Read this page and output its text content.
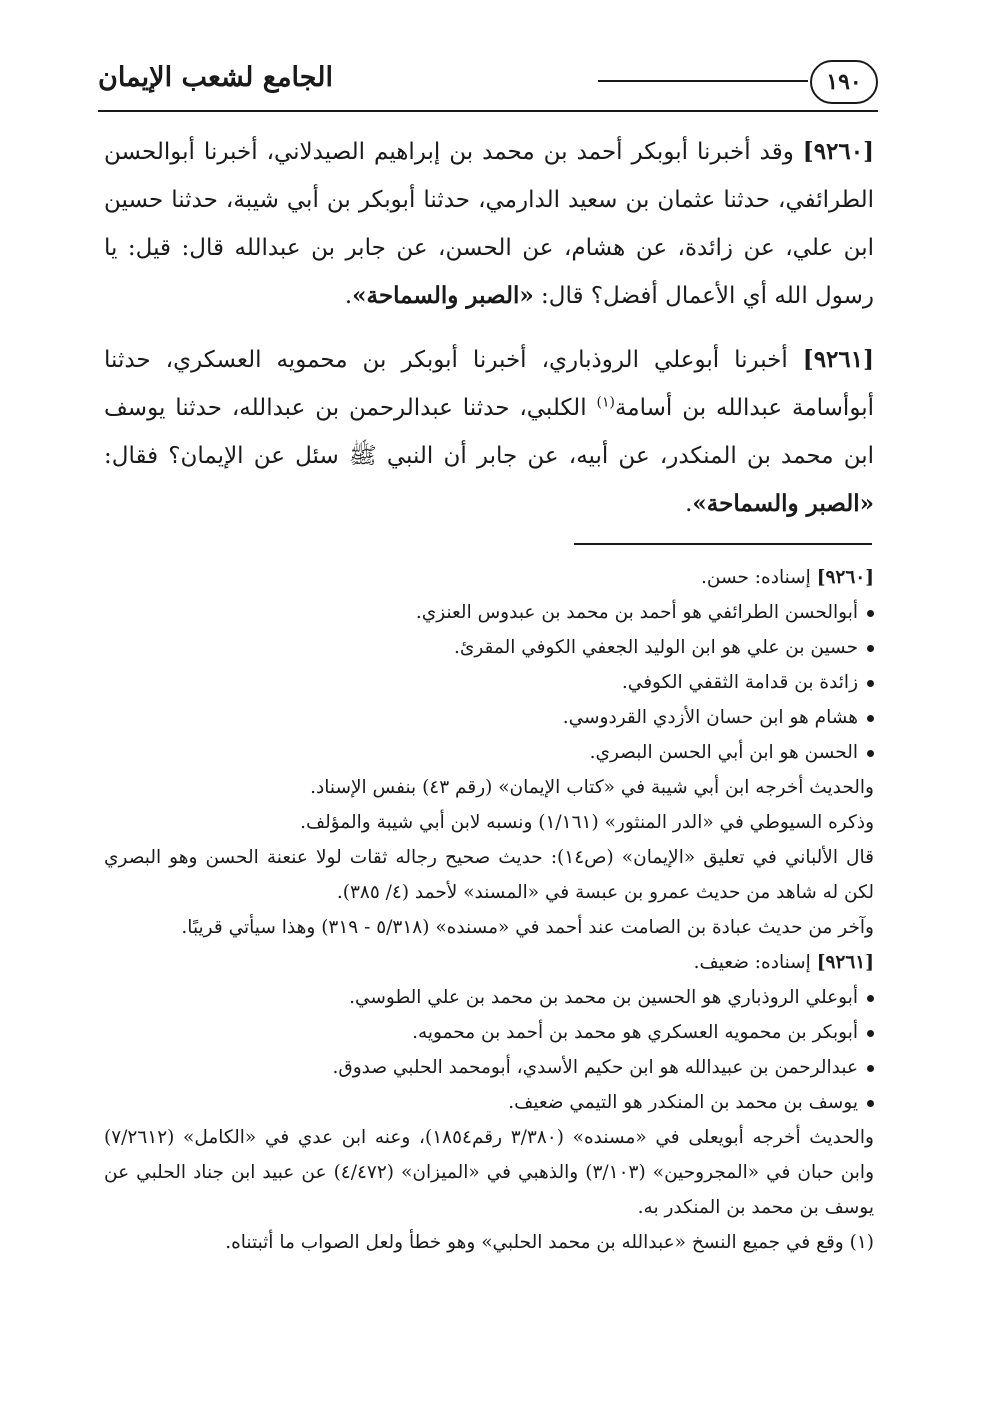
١٩٠
الجامع لشعب الإيمان

[٩٢٦٠] وقد أخبرنا أبوبكر أحمد بن محمد بن إبراهيم الصيدلاني، أخبرنا أبوالحسن الطرائفي، حدثنا عثمان بن سعيد الدارمي، حدثنا أبوبكر بن أبي شيبة، حدثنا حسين ابن علي، عن زائدة، عن هشام، عن الحسن، عن جابر بن عبدالله قال: قيل: يا رسول الله أي الأعمال أفضل؟ قال: «الصبر والسماحة».

[٩٢٦١] أخبرنا أبوعلي الروذباري، أخبرنا أبوبكر بن محمويه العسكري، حدثنا أبوأسامة عبدالله بن أسامة$^{(١)}$ الكلبي، حدثنا عبدالرحمن بن عبدالله، حدثنا يوسف ابن محمد بن المنكدر، عن أبيه، عن جابر أن النبي ﷺ سئل عن الإيمان؟ فقال: «الصبر والسماحة».

[٩٢٦٠] إسناده: حسن.
أبوالحسن الطرائفي هو أحمد بن محمد بن عبدوس العنزي.
حسين بن علي هو ابن الوليد الجعفي الكوفي المقرئ.
زائدة بن قدامة الثقفي الكوفي.
هشام هو ابن حسان الأزدي القردوسي.
الحسن هو ابن أبي الحسن البصري.
والحديث أخرجه ابن أبي شيبة في «كتاب الإيمان» (رقم ٤٣) بنفس الإسناد.
وذكره السيوطي في «الدر المنثور» (١/١٦١) ونسبه لابن أبي شيبة والمؤلف.
قال الألباني في تعليق «الإيمان» (ص١٤): حديث صحيح رجاله ثقات لولا عنعنة الحسن وهو البصري لكن له شاهد من حديث عمرو بن عبسة في «المسند» لأحمد (٤/ ٣٨٥).
وآخر من حديث عبادة بن الصامت عند أحمد في «مسنده» (٥/٣١٨ - ٣١٩) وهذا سيأتي قريبًا.
[٩٢٦١] إسناده: ضعيف.
أبوعلي الروذباري هو الحسين بن محمد بن محمد بن علي الطوسي.
أبوبكر بن محمويه العسكري هو محمد بن أحمد بن محمويه.
عبدالرحمن بن عبيدالله هو ابن حكيم الأسدي، أبومحمد الحلبي صدوق.
يوسف بن محمد بن المنكدر هو التيمي ضعيف.
والحديث أخرجه أبويعلى في «مسنده» (٣/٣٨٠ رقم١٨٥٤)، وعنه ابن عدي في «الكامل» (٧/٢٦١٢) وابن حبان في «المجروحين» (٣/١٠٣) والذهبي في «الميزان» (٤/٤٧٢) عن عبيد ابن جناد الحلبي عن يوسف بن محمد بن المنكدر به.
(١) وقع في جميع النسخ «عبدالله بن محمد الحلبي» وهو خطأ ولعل الصواب ما أثبتناه.
